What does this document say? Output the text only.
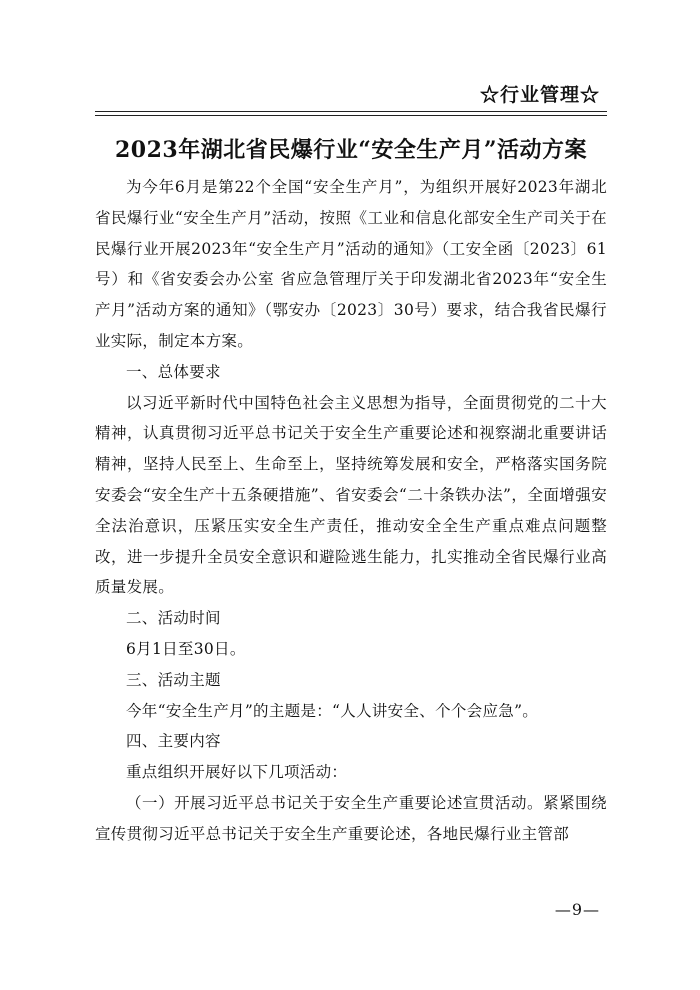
☆行业管理☆
2023年湖北省民爆行业“安全生产月”活动方案

为今年6月是第22个全国“安全生产月”，为组织开展好2023年湖北省民爆行业“安全生产月”活动，按照《工业和信息化部安全生产司关于在民爆行业开展2023年“安全生产月”活动的通知》（工安全函〔2023〕61号）和《省安委会办公室 省应急管理厅关于印发湖北省2023年“安全生产月”活动方案的通知》（鄂安办〔2023〕30号）要求，结合我省民爆行业实际，制定本方案。

一、总体要求

以习近平新时代中国特色社会主义思想为指导，全面贯彻党的二十大精神，认真贯彻习近平总书记关于安全生产重要论述和视察湖北重要讲话精神，坚持人民至上、生命至上，坚持统筹发展和安全，严格落实国务院安委会“安全生产十五条硬措施”、省安委会“二十条铁办法”，全面增强安全法治意识，压紧压实安全生产责任，推动安全全生产重点难点问题整改，进一步提升全员安全意识和避险逃生能力，扎实推动全省民爆行业高质量发展。

二、活动时间

6月1日至30日。

三、活动主题

今年“安全生产月”的主题是：“人人讲安全、个个会应急”。

四、主要内容

重点组织开展好以下几项活动：

（一）开展习近平总书记关于安全生产重要论述宣贯活动。紧紧围绕宣传贯彻习近平总书记关于安全生产重要论述，各地民爆行业主管部

—9—
